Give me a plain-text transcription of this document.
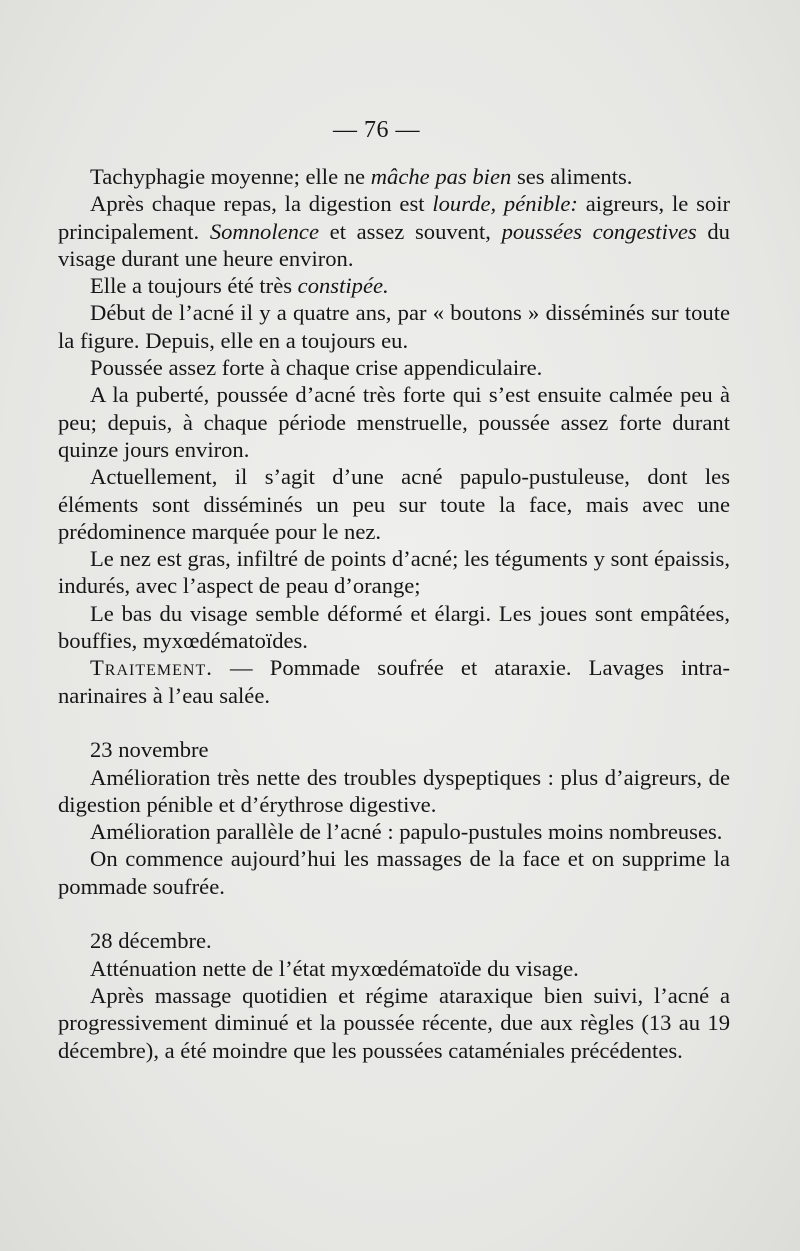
— 76 —

Tachyphagie moyenne; elle ne mâche pas bien ses aliments.

Après chaque repas, la digestion est lourde, pénible: aigreurs, le soir principalement. Somnolence et assez souvent, poussées congestives du visage durant une heure environ.

Elle a toujours été très constipée.

Début de l’acné il y a quatre ans, par « boutons » disséminés sur toute la figure. Depuis, elle en a toujours eu.

Poussée assez forte à chaque crise appendiculaire.

A la puberté, poussée d’acné très forte qui s’est ensuite calmée peu à peu; depuis, à chaque période menstruelle, poussée assez forte durant quinze jours environ.

Actuellement, il s’agit d’une acné papulo-pustuleuse, dont les éléments sont disséminés un peu sur toute la face, mais avec une prédominence marquée pour le nez.

Le nez est gras, infiltré de points d’acné; les téguments y sont épaissis, indurés, avec l’aspect de peau d’orange;

Le bas du visage semble déformé et élargi. Les joues sont empâtées, bouffies, myxœdématoïdes.

Traitement. — Pommade soufrée et ataraxie. Lavages intra-narinaires à l’eau salée.

23 novembre

Amélioration très nette des troubles dyspeptiques : plus d’aigreurs, de digestion pénible et d’érythrose digestive.

Amélioration parallèle de l’acné : papulo-pustules moins nombreuses.

On commence aujourd’hui les massages de la face et on supprime la pommade soufrée.

28 décembre.

Atténuation nette de l’état myxœdématoïde du visage.

Après massage quotidien et régime ataraxique bien suivi, l’acné a progressivement diminué et la poussée récente, due aux règles (13 au 19 décembre), a été moindre que les poussées cataméniales précédentes.
